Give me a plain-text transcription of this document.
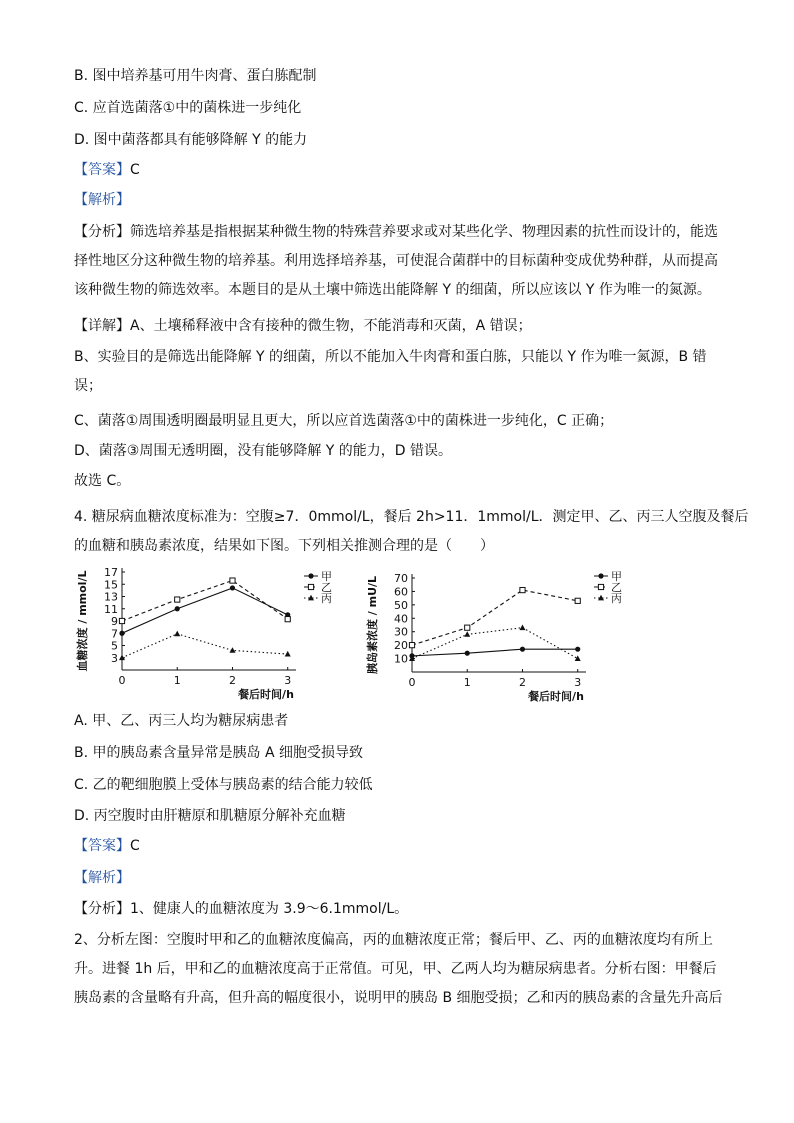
B. 图中培养基可用牛肉膏、蛋白胨配制
C. 应首选菌落①中的菌株进一步纯化
D. 图中菌落都具有能够降解 Y 的能力
【答案】C
【解析】
【分析】筛选培养基是指根据某种微生物的特殊营养要求或对某些化学、物理因素的抗性而设计的，能选
择性地区分这种微生物的培养基。利用选择培养基，可使混合菌群中的目标菌种变成优势种群，从而提高
该种微生物的筛选效率。本题目的是从土壤中筛选出能降解 Y 的细菌，所以应该以 Y 作为唯一的氮源。
【详解】A、土壤稀释液中含有接种的微生物，不能消毒和灭菌，A 错误；
B、实验目的是筛选出能降解 Y 的细菌，所以不能加入牛肉膏和蛋白胨，只能以 Y 作为唯一氮源，B 错
误；
C、菌落①周围透明圈最明显且更大，所以应首选菌落①中的菌株进一步纯化，C 正确；
D、菌落③周围无透明圈，没有能够降解 Y 的能力，D 错误。
故选 C。
4. 糖尿病血糖浓度标准为：空腹≥7．0mmol/L，餐后 2h>11．1mmol/L．测定甲、乙、丙三人空腹及餐后
的血糖和胰岛素浓度，结果如下图。下列相关推测合理的是（　　）
3
5
7
9
11
13
15
17
0	1	2	3
血糖浓度 / mmol/L
餐后时间/h
甲
乙
丙
10
20
30
40
50
60
70
0	1	2	3
胰岛素浓度 / mU/L
餐后时间/h
甲
乙
丙
A. 甲、乙、丙三人均为糖尿病患者
B. 甲的胰岛素含量异常是胰岛 A 细胞受损导致
C. 乙的靶细胞膜上受体与胰岛素的结合能力较低
D. 丙空腹时由肝糖原和肌糖原分解补充血糖
【答案】C
【解析】
【分析】1、健康人的血糖浓度为 3.9～6.1mmol/L。
2、分析左图：空腹时甲和乙的血糖浓度偏高，丙的血糖浓度正常；餐后甲、乙、丙的血糖浓度均有所上
升。进餐 1h 后，甲和乙的血糖浓度高于正常值。可见，甲、乙两人均为糖尿病患者。分析右图：甲餐后
胰岛素的含量略有升高，但升高的幅度很小，说明甲的胰岛 B 细胞受损；乙和丙的胰岛素的含量先升高后
